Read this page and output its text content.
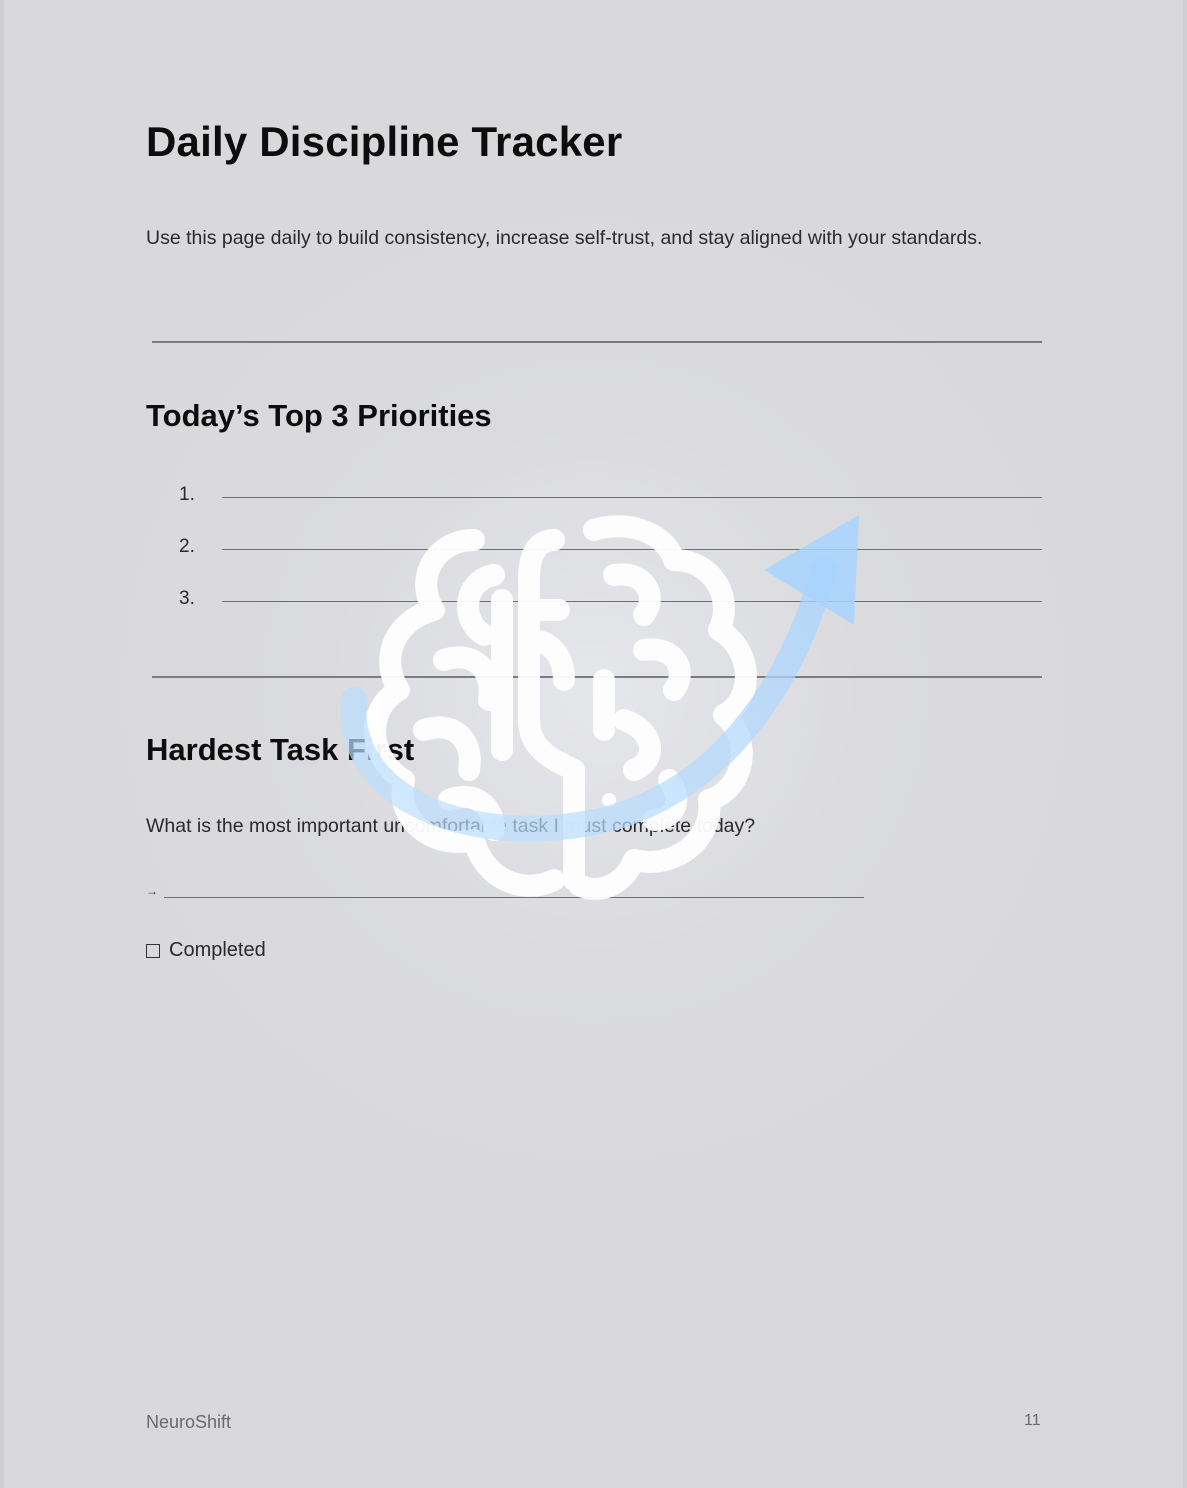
Daily Discipline Tracker
Use this page daily to build consistency, increase self-trust, and stay aligned with your standards.
Today’s Top 3 Priorities
1.
2.
3.
Hardest Task First
What is the most important uncomfortable task I must complete today?
→
Completed
NeuroShift	11
